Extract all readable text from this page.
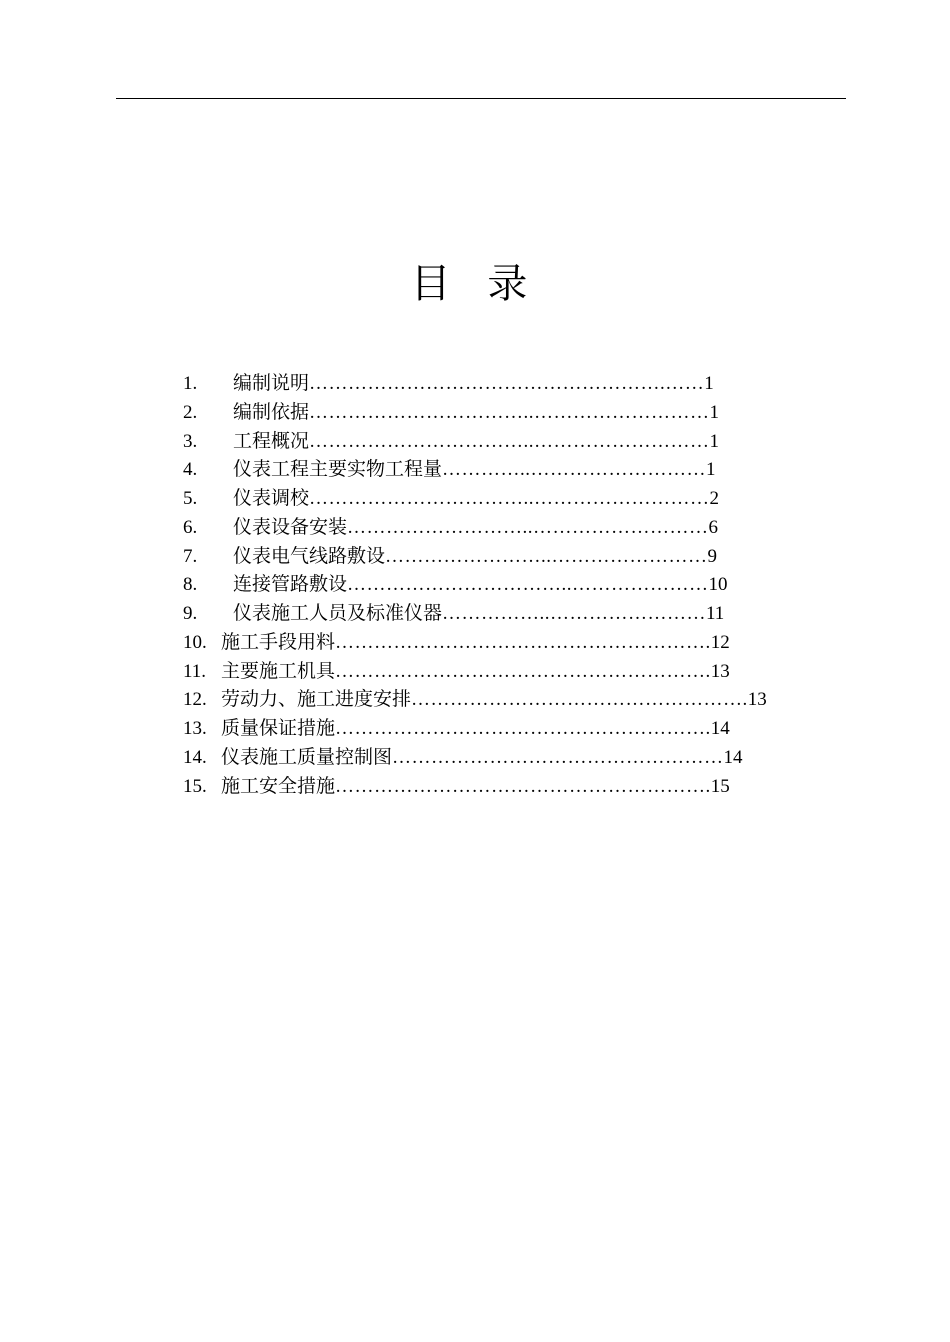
目 录
1.	编制说明 ……………………………………………….…… 1
2.	编制依据 ……………………………..……………………… 1
3.	工程概况 ……………………………..……………………… 1
4.	仪表工程主要实物工程量 …………..……………………… 1
5.	仪表调校 ……………………………..……………………… 2
6.	仪表设备安装 ………………………..……………………… 6
7.	仪表电气线路敷设 ……………………..…………………… 9
8.	连接管路敷设 ……………………………..………………… 10
9.	仪表施工人员及标准仪器 ……………..…………………… 11
10. 施工手段用料 …………………………………………………. 12
11. 主要施工机具 …………………………………………………. 13
12. 劳动力、施工进度安排 ……………………………………………. 13
13. 质量保证措施 …………………………………………………. 14
14. 仪表施工质量控制图 …………………………………………… 14
15. 施工安全措施 …………………………………………………. 15
